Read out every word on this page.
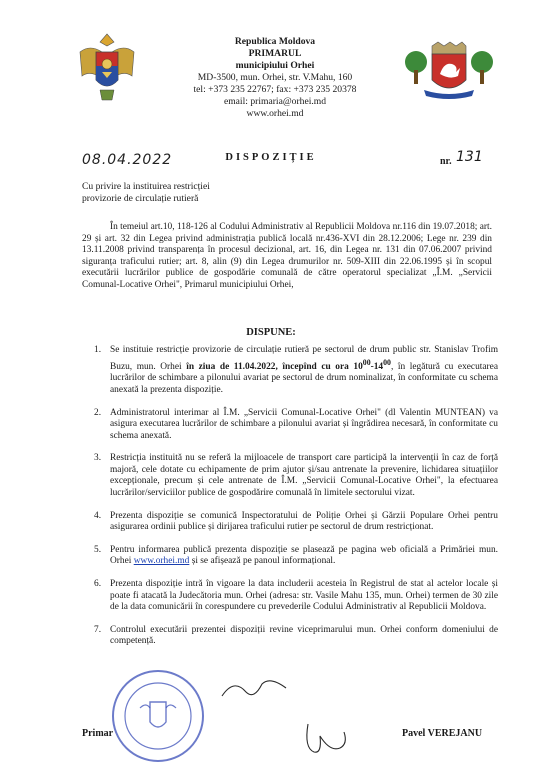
Republica Moldova
PRIMARUL
municipiului Orhei
MD-3500, mun. Orhei, str. V.Mahu, 160
tel: +373 235 22767; fax: +373 235 20378
email: primaria@orhei.md
www.orhei.md
08.04.2022	DISPOZIȚIE	nr. 131
Cu privire la instituirea restricției
provizorie de circulație rutieră
În temeiul art.10, 118-126 al Codului Administrativ al Republicii Moldova nr.116 din 19.07.2018; art. 29 și art. 32 din Legea privind administrația publică locală nr.436-XVI din 28.12.2006; Lege nr. 239 din 13.11.2008 privind transparența în procesul decizional, art. 16, din Legea nr. 131 din 07.06.2007 privind siguranța traficului rutier; art. 8, alin (9) din Legea drumurilor nr. 509-XIII din 22.06.1995 și în scopul executării lucrărilor publice de gospodărie comunală de către operatorul specializat „Î.M. „Servicii Comunal-Locative Orhei", Primarul municipiului Orhei,
DISPUNE:
1. Se instituie restricție provizorie de circulație rutieră pe sectorul de drum public str. Stanislav Trofim Buzu, mun. Orhei în ziua de 11.04.2022, începînd cu ora $10^{00}-14^{00}$, în legătură cu executarea lucrărilor de schimbare a pilonului avariat pe sectorul de drum nominalizat, în conformitate cu schema anexată la prezenta dispoziție.
2. Administratorul interimar al Î.M. „Servicii Comunal-Locative Orhei" (dl Valentin MUNTEAN) va asigura executarea lucrărilor de schimbare a pilonului avariat și îngrădirea necesară, în conformitate cu schema anexată.
3. Restricția instituită nu se referă la mijloacele de transport care participă la intervenții în caz de forță majoră, cele dotate cu echipamente de prim ajutor și/sau antrenate la prevenire, lichidarea situațiilor excepționale, precum și cele antrenate de Î.M. „Servicii Comunal-Locative Orhei", la efectuarea lucrărilor/serviciilor publice de gospodărire comunală în limitele sectorului vizat.
4. Prezenta dispoziție se comunică Inspectoratului de Poliție Orhei și Gărzii Populare Orhei pentru asigurarea ordinii publice și dirijarea traficului rutier pe sectorul de drum restricționat.
5. Pentru informarea publică prezenta dispoziție se plasează pe pagina web oficială a Primăriei mun. Orhei www.orhei.md și se afișează pe panoul informațional.
6. Prezenta dispoziție intră în vigoare la data includerii acesteia în Registrul de stat al actelor locale și poate fi atacată la Judecătoria mun. Orhei (adresa: str. Vasile Mahu 135, mun. Orhei) termen de 30 zile de la data comunicării în corespundere cu prevederile Codului Administrativ al Republicii Moldova.
7. Controlul executării prezentei dispoziții revine viceprimarului mun. Orhei conform domeniului de competență.
Primar	Pavel VEREJANU
